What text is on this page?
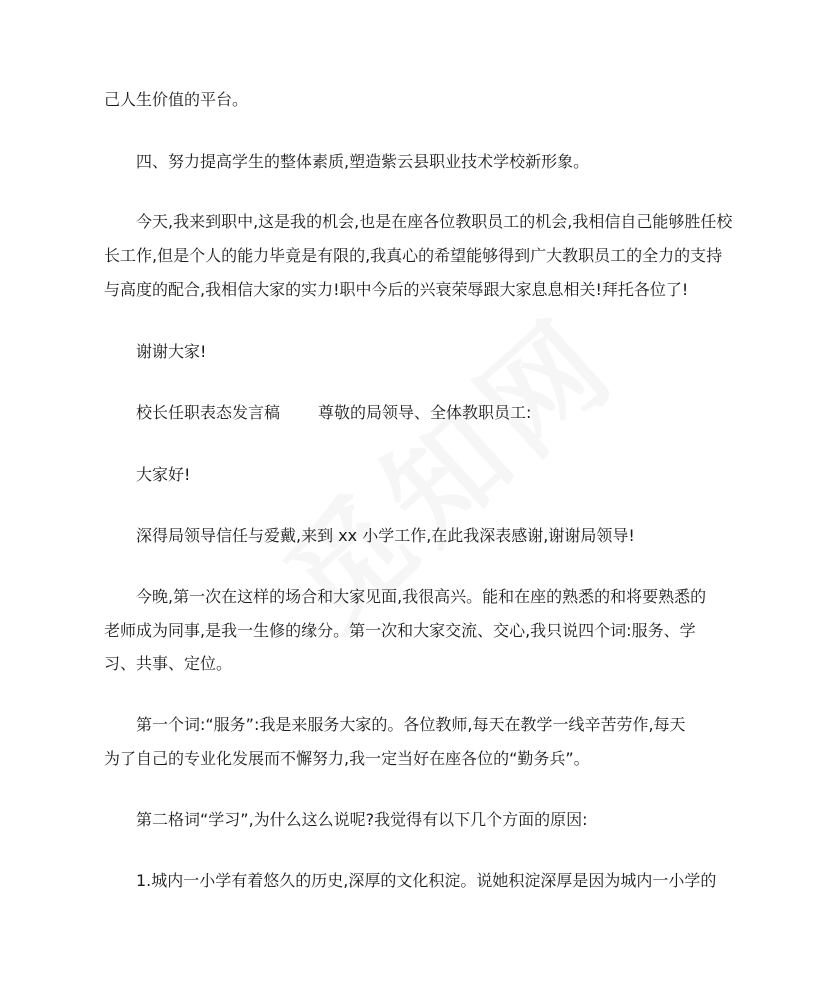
己人生价值的平台。
四、努力提高学生的整体素质,塑造紫云县职业技术学校新形象。
今天,我来到职中,这是我的机会,也是在座各位教职员工的机会,我相信自己能够胜任校
长工作,但是个人的能力毕竟是有限的,我真心的希望能够得到广大教职员工的全力的支持
与高度的配合,我相信大家的实力!职中今后的兴衰荣辱跟大家息息相关!拜托各位了!
谢谢大家!
校长任职表态发言稿 尊敬的局领导、全体教职员工:
大家好!
深得局领导信任与爱戴,来到 xx 小学工作,在此我深表感谢,谢谢局领导!
今晚,第一次在这样的场合和大家见面,我很高兴。能和在座的熟悉的和将要熟悉的
老师成为同事,是我一生修的缘分。第一次和大家交流、交心,我只说四个词:服务、学
习、共事、定位。
第一个词:“服务”:我是来服务大家的。各位教师,每天在教学一线辛苦劳作,每天
为了自己的专业化发展而不懈努力,我一定当好在座各位的“勤务兵”。
第二格词“学习”,为什么这么说呢?我觉得有以下几个方面的原因:
1.城内一小学有着悠久的历史,深厚的文化积淀。说她积淀深厚是因为城内一小学的
